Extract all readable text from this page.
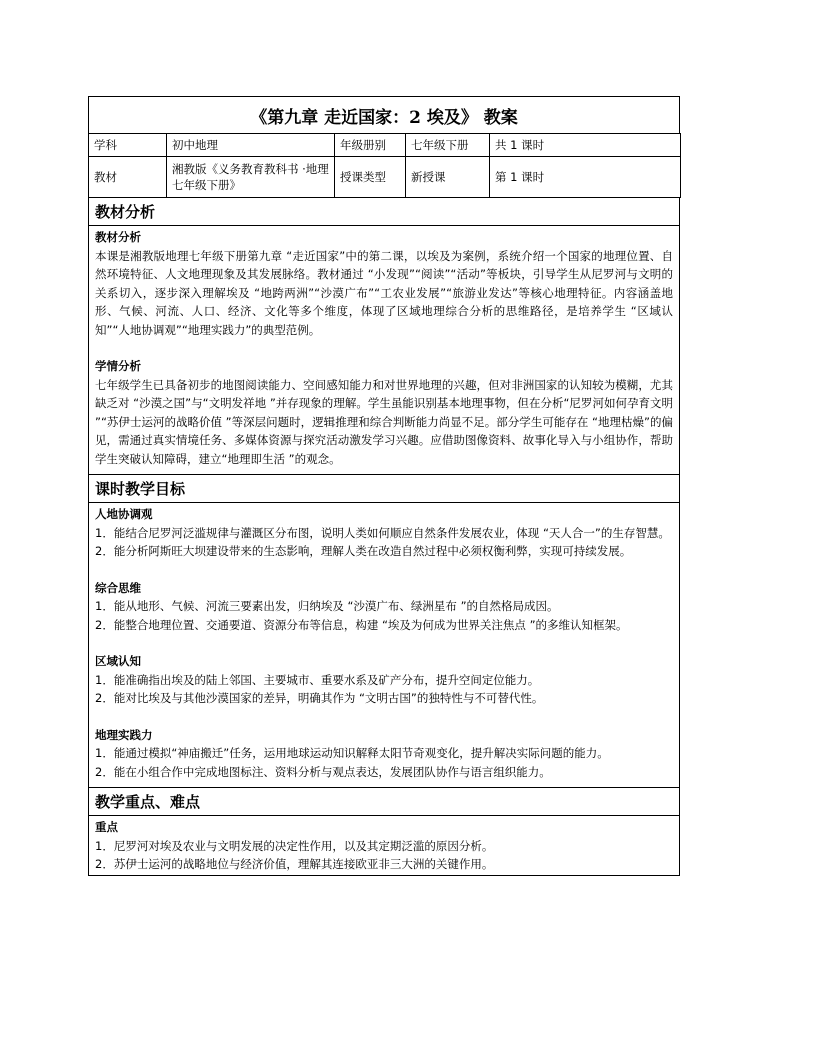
《第九章 走近国家：2 埃及》 教案
学科	初中地理	年级册别	七年级下册	共 1 课时
教材	湘教版《义务教育教科书 ·地理七年级下册》	授课类型	新授课	第 1 课时
教材分析
教材分析
本课是湘教版地理七年级下册第九章 “走近国家”中的第二课，以埃及为案例，系统介绍一个国家的地理位置、自然环境特征、人文地理现象及其发展脉络。教材通过 “小发现”“阅读”“活动”等板块，引导学生从尼罗河与文明的关系切入，逐步深入理解埃及 “地跨两洲”“沙漠广布”“工农业发展”“旅游业发达”等核心地理特征。内容涵盖地形、气候、河流、人口、经济、文化等多个维度，体现了区域地理综合分析的思维路径，是培养学生 “区域认知”“人地协调观”“地理实践力”的典型范例。
学情分析
七年级学生已具备初步的地图阅读能力、空间感知能力和对世界地理的兴趣，但对非洲国家的认知较为模糊，尤其缺乏对 “沙漠之国”与“文明发祥地 ”并存现象的理解。学生虽能识别基本地理事物，但在分析“尼罗河如何孕育文明 ”“苏伊士运河的战略价值 ”等深层问题时，逻辑推理和综合判断能力尚显不足。部分学生可能存在 “地理枯燥”的偏见，需通过真实情境任务、多媒体资源与探究活动激发学习兴趣。应借助图像资料、故事化导入与小组协作，帮助学生突破认知障碍，建立“地理即生活 ”的观念。
课时教学目标
人地协调观
1．能结合尼罗河泛滥规律与灌溉区分布图，说明人类如何顺应自然条件发展农业，体现 “天人合一”的生存智慧。
2．能分析阿斯旺大坝建设带来的生态影响，理解人类在改造自然过程中必须权衡利弊，实现可持续发展。
综合思维
1．能从地形、气候、河流三要素出发，归纳埃及 “沙漠广布、绿洲星布 ”的自然格局成因。
2．能整合地理位置、交通要道、资源分布等信息，构建 “埃及为何成为世界关注焦点 ”的多维认知框架。
区域认知
1．能准确指出埃及的陆上邻国、主要城市、重要水系及矿产分布，提升空间定位能力。
2．能对比埃及与其他沙漠国家的差异，明确其作为 “文明古国”的独特性与不可替代性。
地理实践力
1．能通过模拟“神庙搬迁”任务，运用地球运动知识解释太阳节奇观变化，提升解决实际问题的能力。
2．能在小组合作中完成地图标注、资料分析与观点表达，发展团队协作与语言组织能力。
教学重点、难点
重点
1．尼罗河对埃及农业与文明发展的决定性作用，以及其定期泛滥的原因分析。
2．苏伊士运河的战略地位与经济价值，理解其连接欧亚非三大洲的关键作用。
